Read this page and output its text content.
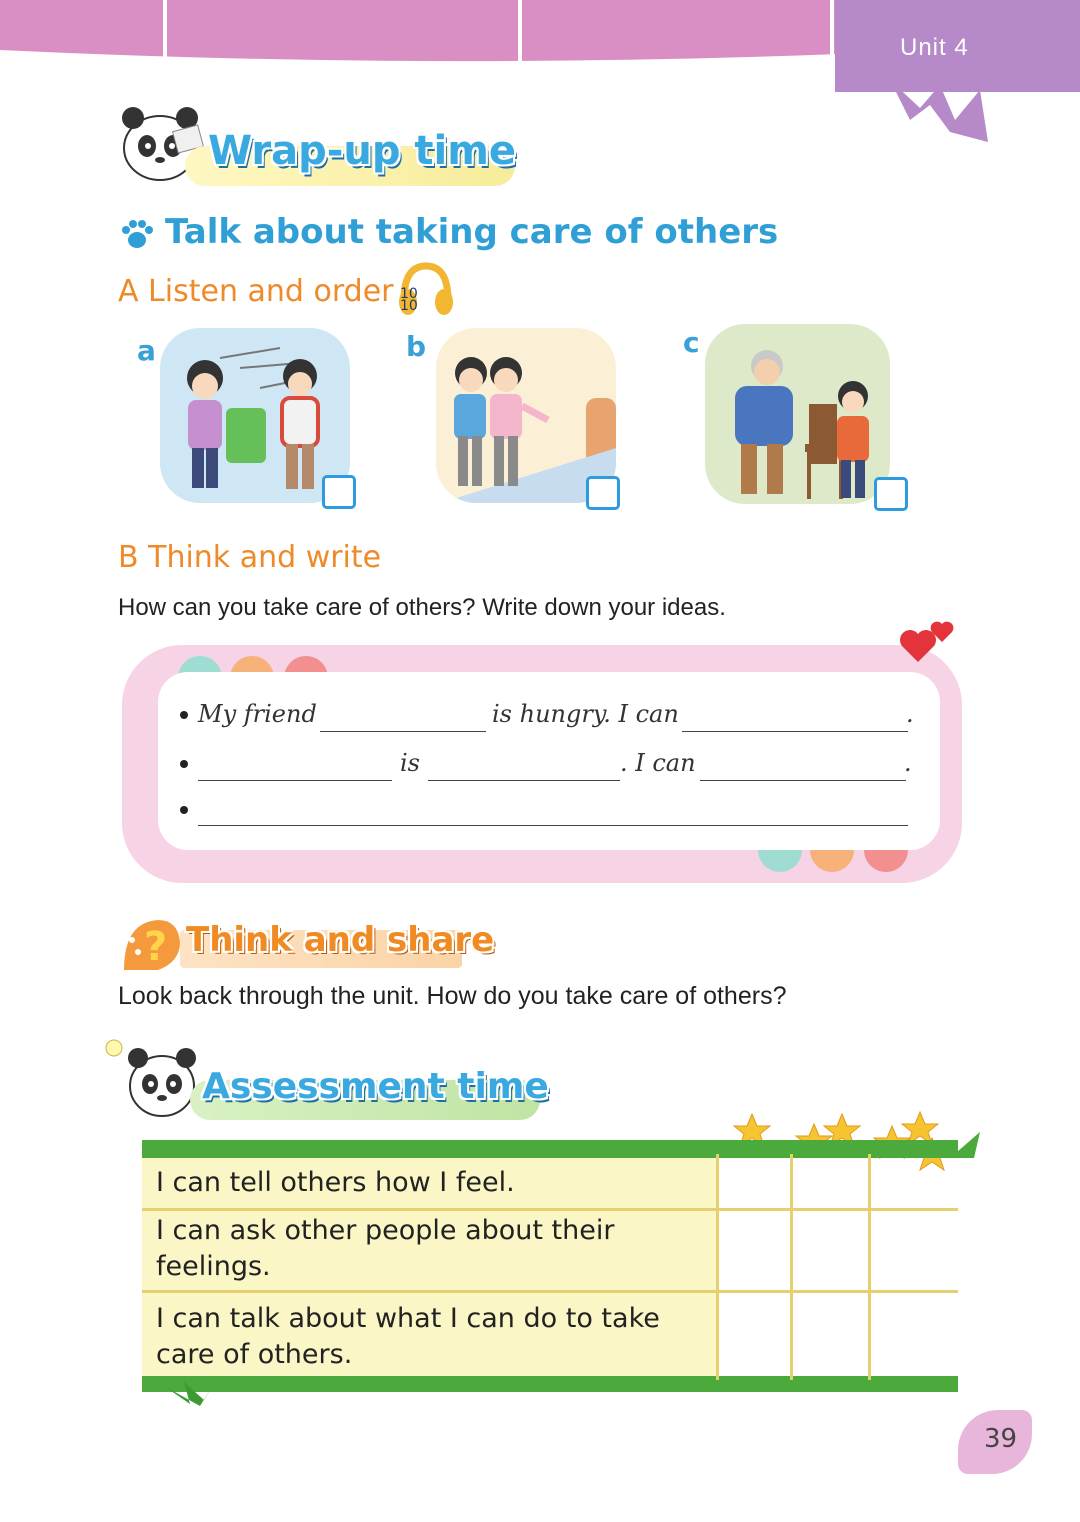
Unit 4
Wrap-up time
Talk about taking care of others
A Listen and order 10
10
a	b	c
B Think and write
How can you take care of others? Write down your ideas.
My friend	is hungry. I can	.
is	. I can	.
? Think and share
Look back through the unit. How do you take care of others?
Assessment time
I can tell others how I feel.
I can ask other people about their
feelings.
I can talk about what I can do to take
care of others.
39
